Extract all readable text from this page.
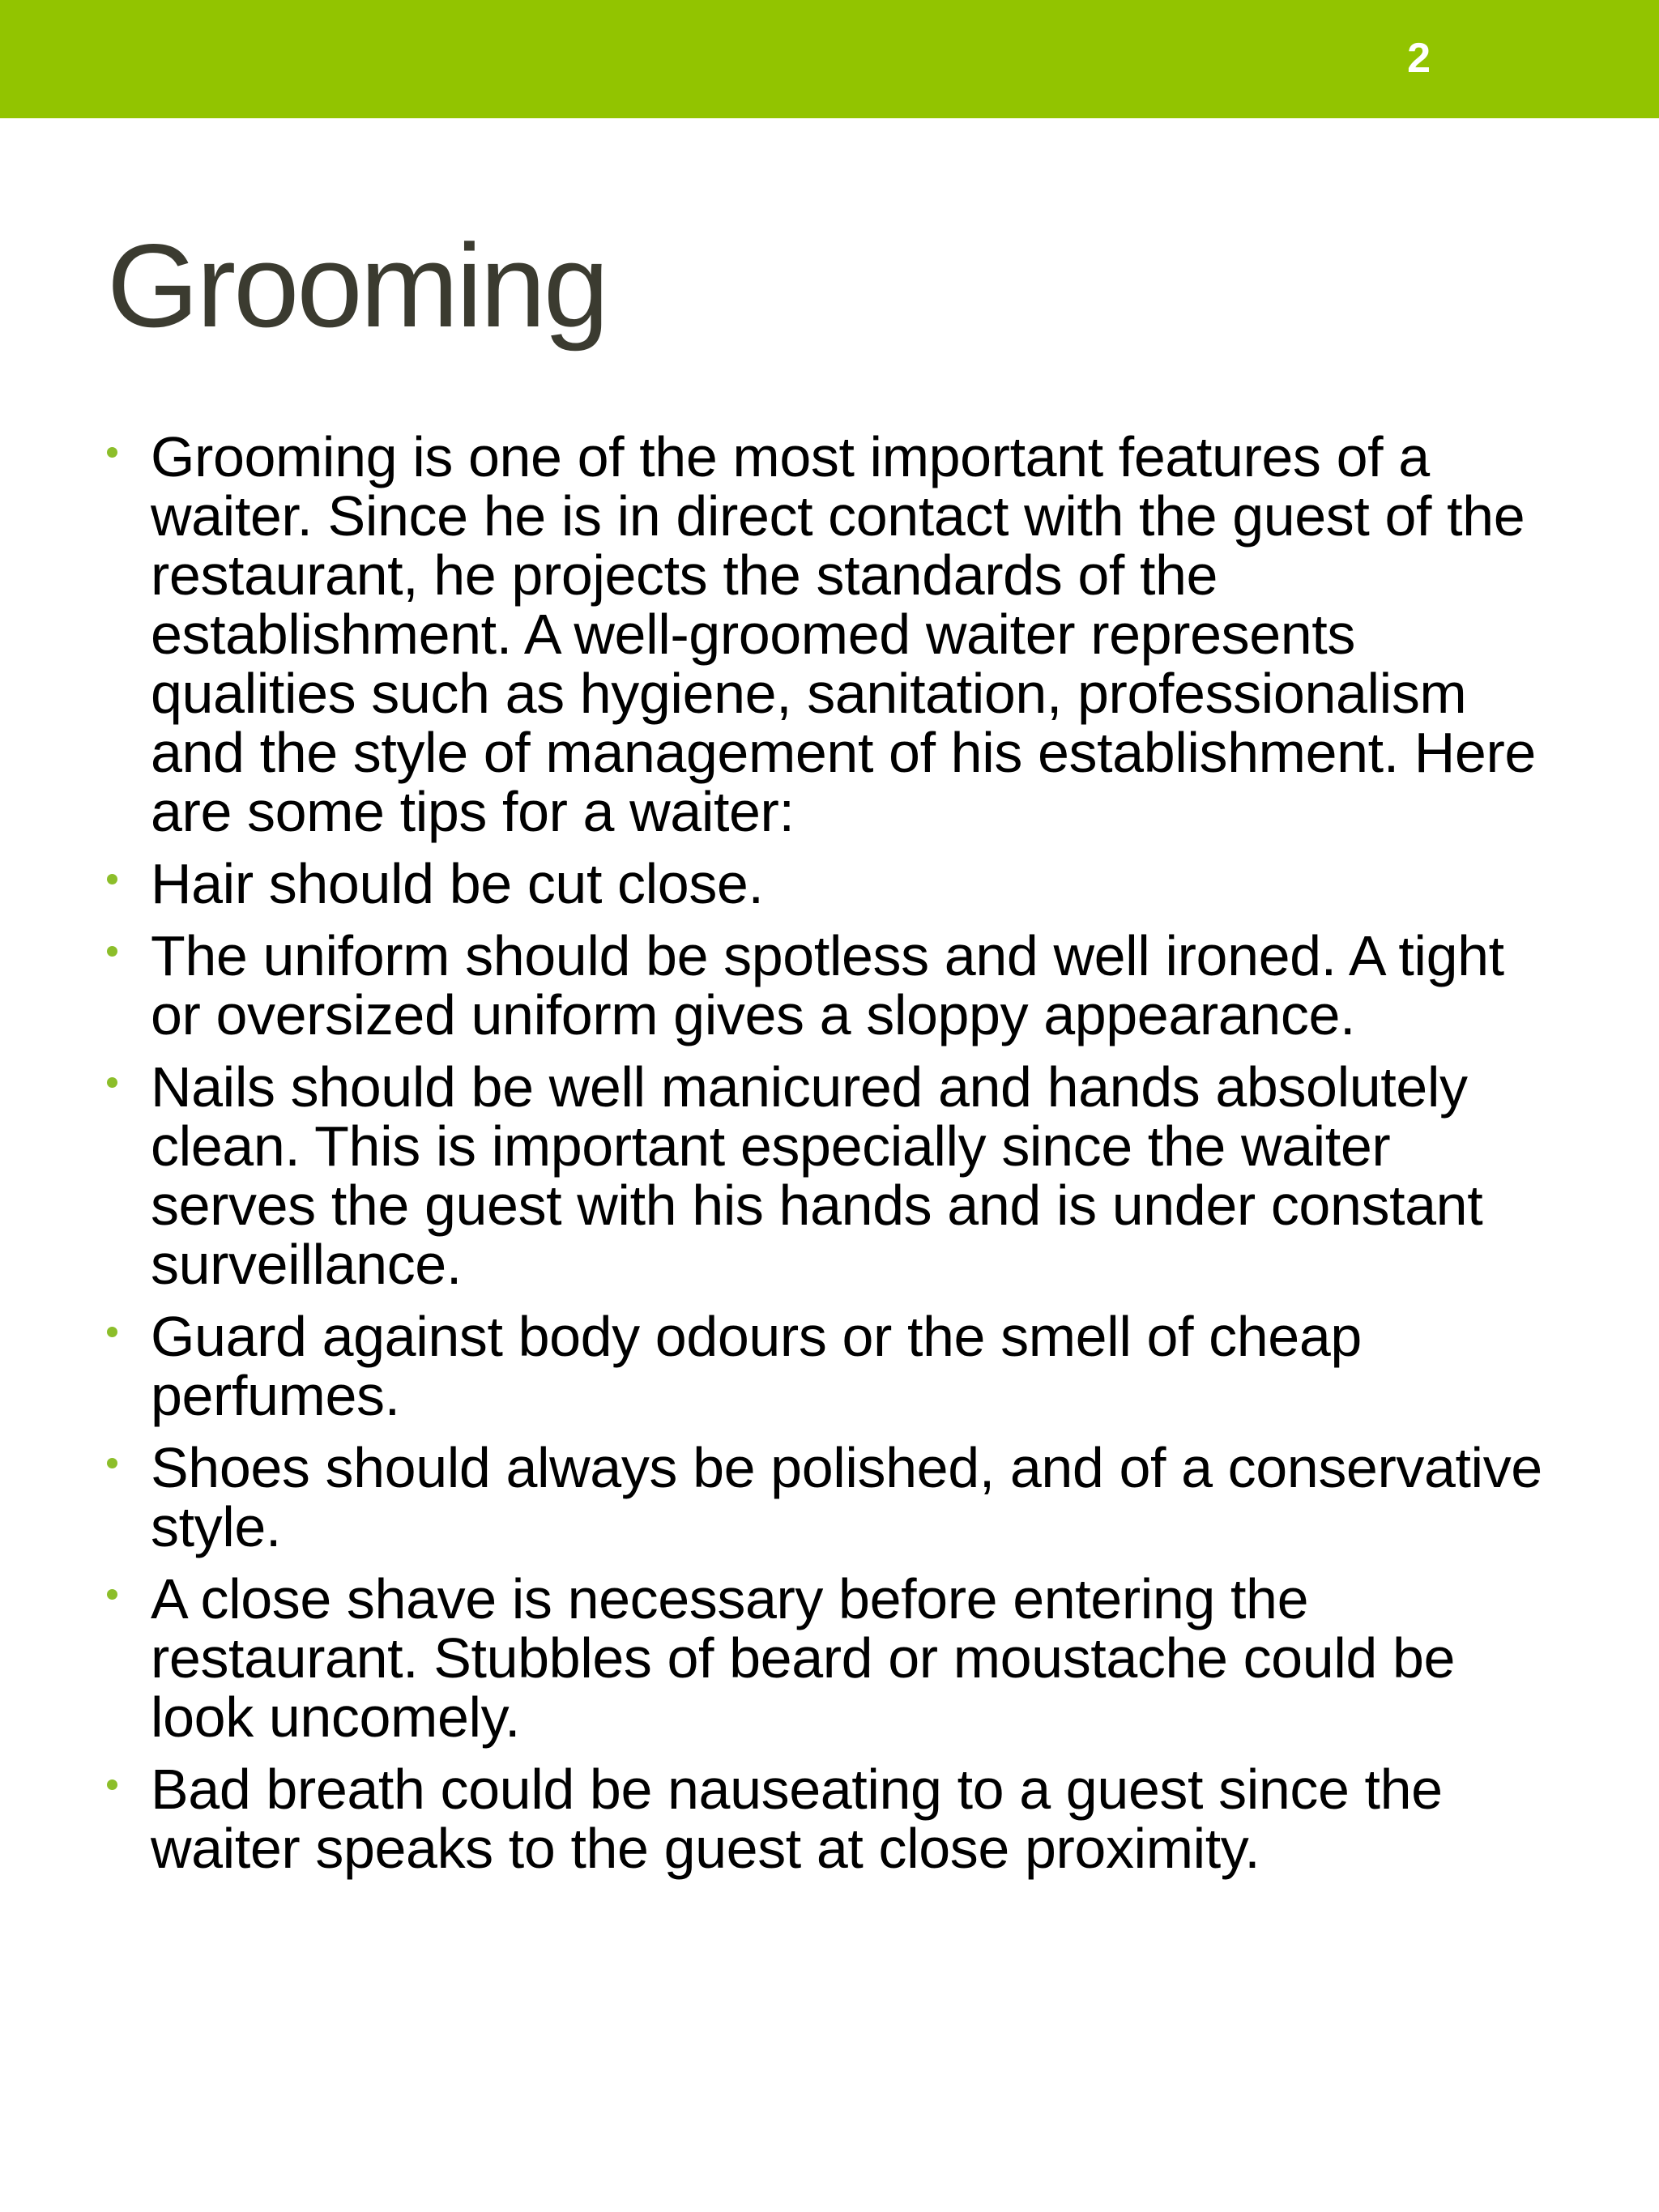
2
Grooming
Grooming is one of the most important features of a waiter. Since he is in direct contact with the guest of the restaurant, he projects the standards of the establishment. A well-groomed waiter represents qualities such as hygiene, sanitation, professionalism and the style of management of his establishment. Here are some tips for a waiter:
Hair should be cut close.
The uniform should be spotless and well ironed. A tight or oversized uniform gives a sloppy appearance.
Nails should be well manicured and hands absolutely clean. This is important especially since the waiter serves the guest with his hands and is under constant surveillance.
Guard against body odours or the smell of cheap perfumes.
Shoes should always be polished, and of a conservative style.
A close shave is necessary before entering the restaurant. Stubbles of beard or moustache could be look uncomely.
Bad breath could be nauseating to a guest since the waiter speaks to the guest at close proximity.
